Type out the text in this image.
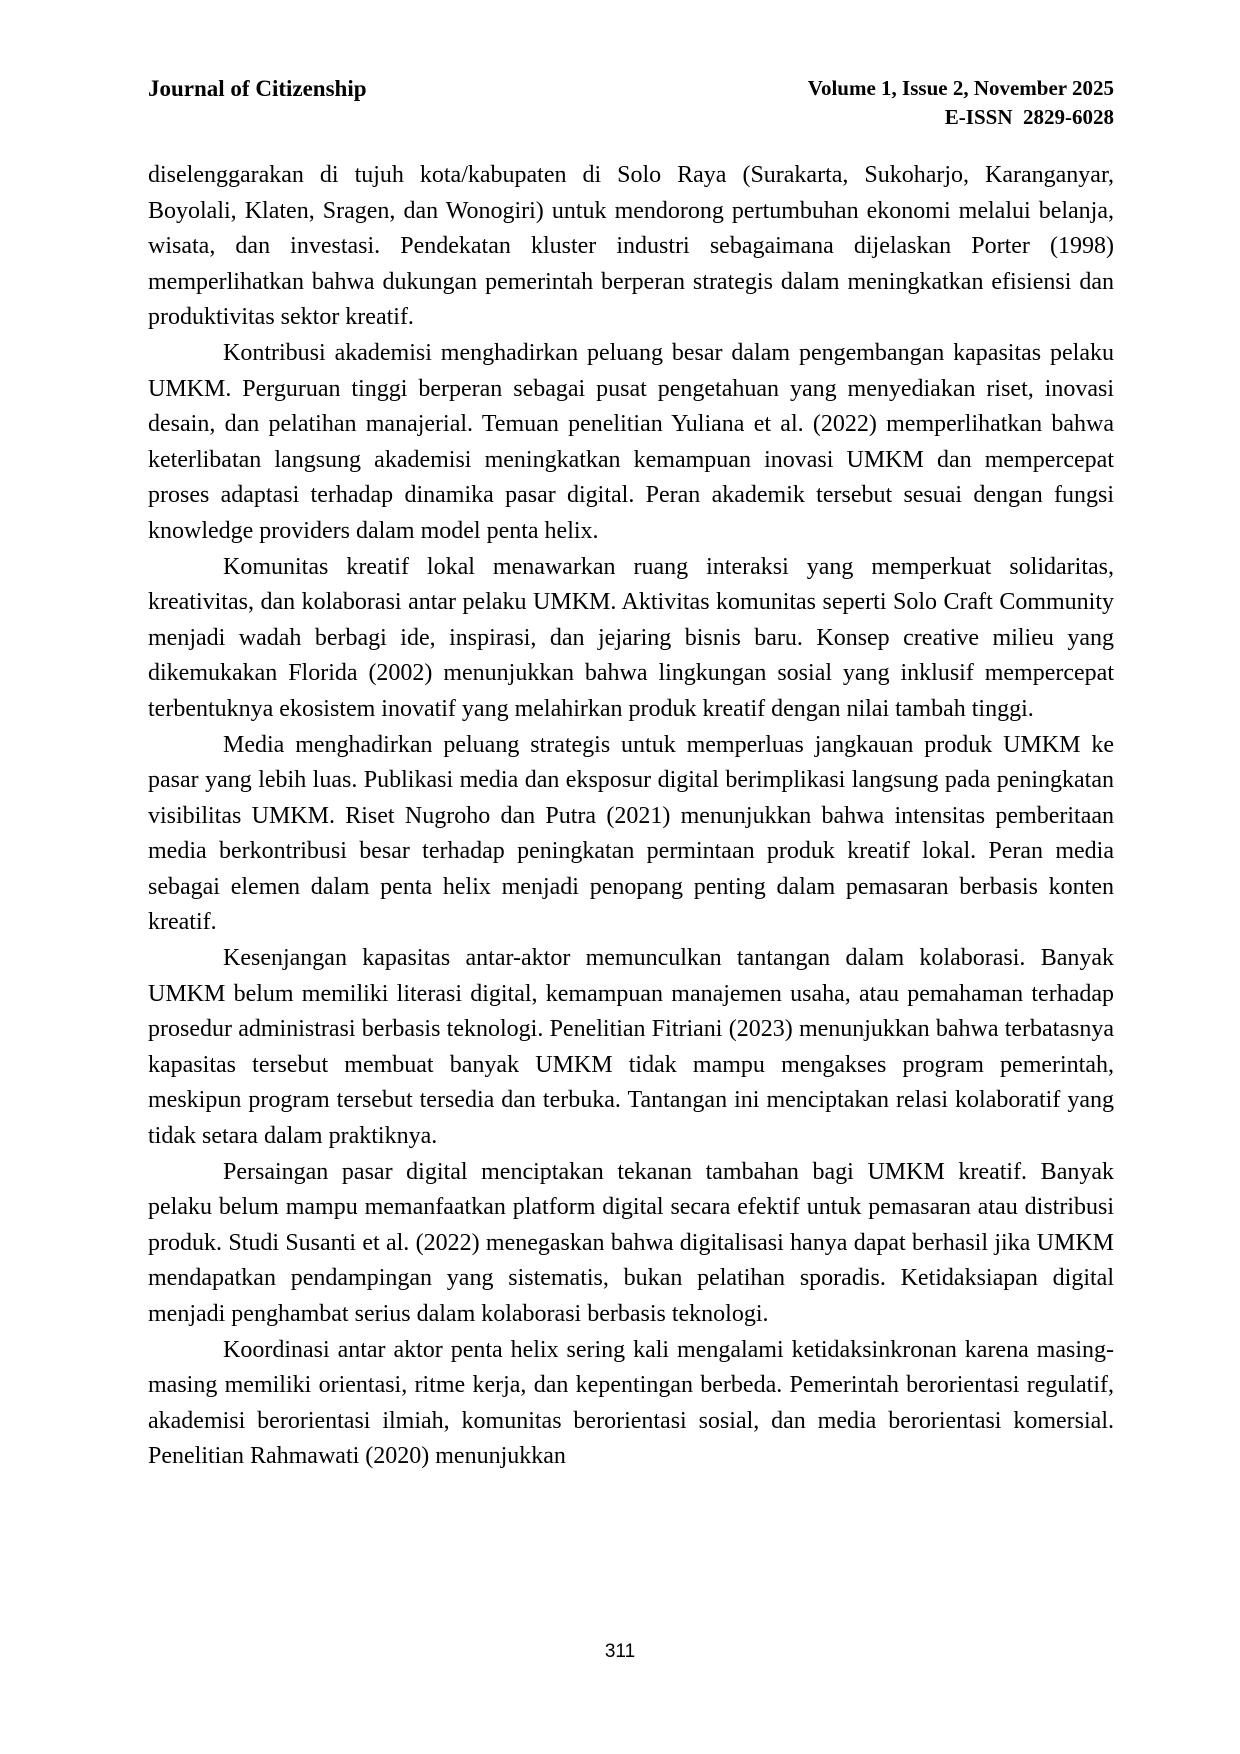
Journal of Citizenship	Volume 1, Issue 2, November 2025
E-ISSN  2829-6028

diselenggarakan di tujuh kota/kabupaten di Solo Raya (Surakarta, Sukoharjo, Karanganyar, Boyolali, Klaten, Sragen, dan Wonogiri) untuk mendorong pertumbuhan ekonomi melalui belanja, wisata, dan investasi. Pendekatan kluster industri sebagaimana dijelaskan Porter (1998) memperlihatkan bahwa dukungan pemerintah berperan strategis dalam meningkatkan efisiensi dan produktivitas sektor kreatif.

Kontribusi akademisi menghadirkan peluang besar dalam pengembangan kapasitas pelaku UMKM. Perguruan tinggi berperan sebagai pusat pengetahuan yang menyediakan riset, inovasi desain, dan pelatihan manajerial. Temuan penelitian Yuliana et al. (2022) memperlihatkan bahwa keterlibatan langsung akademisi meningkatkan kemampuan inovasi UMKM dan mempercepat proses adaptasi terhadap dinamika pasar digital. Peran akademik tersebut sesuai dengan fungsi knowledge providers dalam model penta helix.

Komunitas kreatif lokal menawarkan ruang interaksi yang memperkuat solidaritas, kreativitas, dan kolaborasi antar pelaku UMKM. Aktivitas komunitas seperti Solo Craft Community menjadi wadah berbagi ide, inspirasi, dan jejaring bisnis baru. Konsep creative milieu yang dikemukakan Florida (2002) menunjukkan bahwa lingkungan sosial yang inklusif mempercepat terbentuknya ekosistem inovatif yang melahirkan produk kreatif dengan nilai tambah tinggi.

Media menghadirkan peluang strategis untuk memperluas jangkauan produk UMKM ke pasar yang lebih luas. Publikasi media dan eksposur digital berimplikasi langsung pada peningkatan visibilitas UMKM. Riset Nugroho dan Putra (2021) menunjukkan bahwa intensitas pemberitaan media berkontribusi besar terhadap peningkatan permintaan produk kreatif lokal. Peran media sebagai elemen dalam penta helix menjadi penopang penting dalam pemasaran berbasis konten kreatif.

Kesenjangan kapasitas antar-aktor memunculkan tantangan dalam kolaborasi. Banyak UMKM belum memiliki literasi digital, kemampuan manajemen usaha, atau pemahaman terhadap prosedur administrasi berbasis teknologi. Penelitian Fitriani (2023) menunjukkan bahwa terbatasnya kapasitas tersebut membuat banyak UMKM tidak mampu mengakses program pemerintah, meskipun program tersebut tersedia dan terbuka. Tantangan ini menciptakan relasi kolaboratif yang tidak setara dalam praktiknya.

Persaingan pasar digital menciptakan tekanan tambahan bagi UMKM kreatif. Banyak pelaku belum mampu memanfaatkan platform digital secara efektif untuk pemasaran atau distribusi produk. Studi Susanti et al. (2022) menegaskan bahwa digitalisasi hanya dapat berhasil jika UMKM mendapatkan pendampingan yang sistematis, bukan pelatihan sporadis. Ketidaksiapan digital menjadi penghambat serius dalam kolaborasi berbasis teknologi.

Koordinasi antar aktor penta helix sering kali mengalami ketidaksinkronan karena masing-masing memiliki orientasi, ritme kerja, dan kepentingan berbeda. Pemerintah berorientasi regulatif, akademisi berorientasi ilmiah, komunitas berorientasi sosial, dan media berorientasi komersial. Penelitian Rahmawati (2020) menunjukkan

311
